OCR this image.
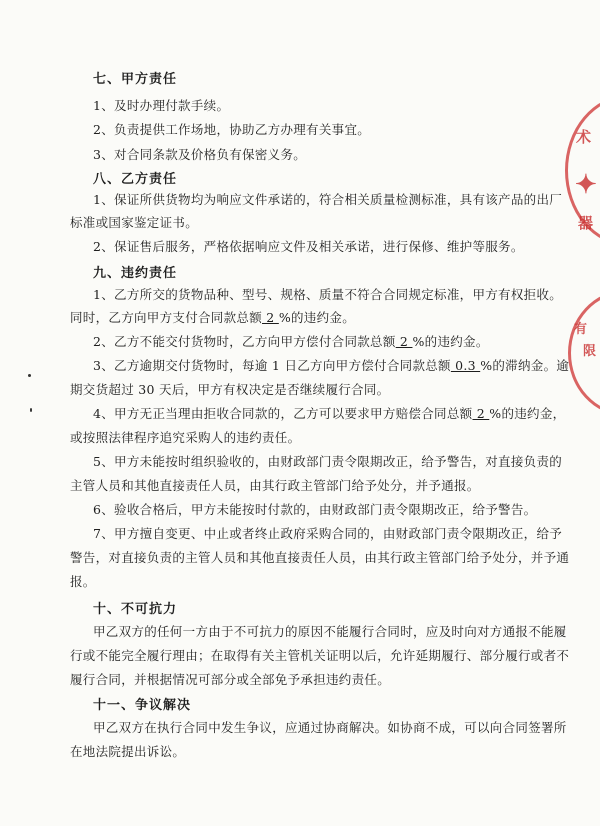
七、甲方责任
1、及时办理付款手续。
2、负责提供工作场地，协助乙方办理有关事宜。
3、对合同条款及价格负有保密义务。
八、乙方责任
1、保证所供货物均为响应文件承诺的，符合相关质量检测标准，具有该产品的出厂
标准或国家鉴定证书。
2、保证售后服务，严格依据响应文件及相关承诺，进行保修、维护等服务。
九、违约责任
1、乙方所交的货物品种、型号、规格、质量不符合合同规定标准，甲方有权拒收。
同时，乙方向甲方支付合同款总额 2 %的违约金。
2、乙方不能交付货物时，乙方向甲方偿付合同款总额 2 %的违约金。
3、乙方逾期交付货物时，每逾 1 日乙方向甲方偿付合同款总额 0.3 %的滞纳金。逾
期交货超过 30 天后，甲方有权决定是否继续履行合同。
4、甲方无正当理由拒收合同款的，乙方可以要求甲方赔偿合同总额 2 %的违约金，
或按照法律程序追究采购人的违约责任。
5、甲方未能按时组织验收的，由财政部门责令限期改正，给予警告，对直接负责的
主管人员和其他直接责任人员，由其行政主管部门给予处分，并予通报。
6、验收合格后，甲方未能按时付款的，由财政部门责令限期改正，给予警告。
7、甲方擅自变更、中止或者终止政府采购合同的，由财政部门责令限期改正，给予
警告，对直接负责的主管人员和其他直接责任人员，由其行政主管部门给予处分，并予通
报。
十、不可抗力
甲乙双方的任何一方由于不可抗力的原因不能履行合同时，应及时向对方通报不能履
行或不能完全履行理由；在取得有关主管机关证明以后，允许延期履行、部分履行或者不
履行合同，并根据情况可部分或全部免予承担违约责任。
十一、争议解决
甲乙双方在执行合同中发生争议，应通过协商解决。如协商不成，可以向合同签署所
在地法院提出诉讼。
术
✦
器
有
限
